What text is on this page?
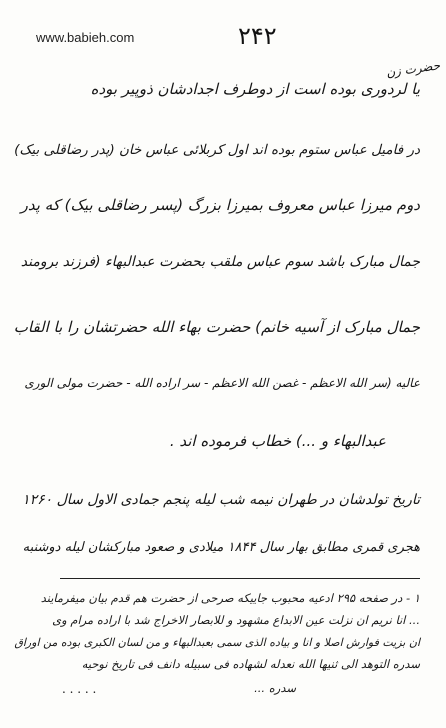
www.babieh.com	۲۴۲
حضرت زن
یا لردوری بوده است از دوطرف اجدادشان ذوپیر بوده
در فامیل عباس ستوم بوده اند اول کربلائی عباس خان (پدر رضاقلی بیک)
دوم میرزا عباس معروف بمیرزا بزرگ (پسر رضاقلی بیک) که پدر
جمال مبارک باشد سوم عباس ملقب بحضرت عبدالبهاء (فرزند برومند
جمال مبارک از آسیه خانم) حضرت بهاء الله حضرتشان را با القاب
عالیه (سر الله الاعظم - غصن الله الاعظم - سر اراده الله - حضرت مولی الوری
عبدالبهاء و ...) خطاب فرموده اند .
تاریخ تولدشان در طهران نیمه شب لیله پنجم جمادی الاول سال ۱۲۶۰
هجری قمری مطابق بهار سال ۱۸۴۴ میلادی و صعود مبارکشان لیله دوشنبه
۱ - در صفحه ۲۹۵ ادعیه محبوب جاییکه صرحی از حضرت هم قدم بیان میفرمایند
... انا نریم ان نزلت عین الابداع مشهود و للابصار الاخراج شد با اراده مرام وی
ان بزیت فوارش اصلا و انا و بیاده الذی سمی بعبدالبهاء و من لسان الکبری بوده من اوراق
سدره التوهد الی ثنیها الله نعدله لشهاده فی سبیله دانف فی تاریخ نوحیه
سدره ...
. . . . .
